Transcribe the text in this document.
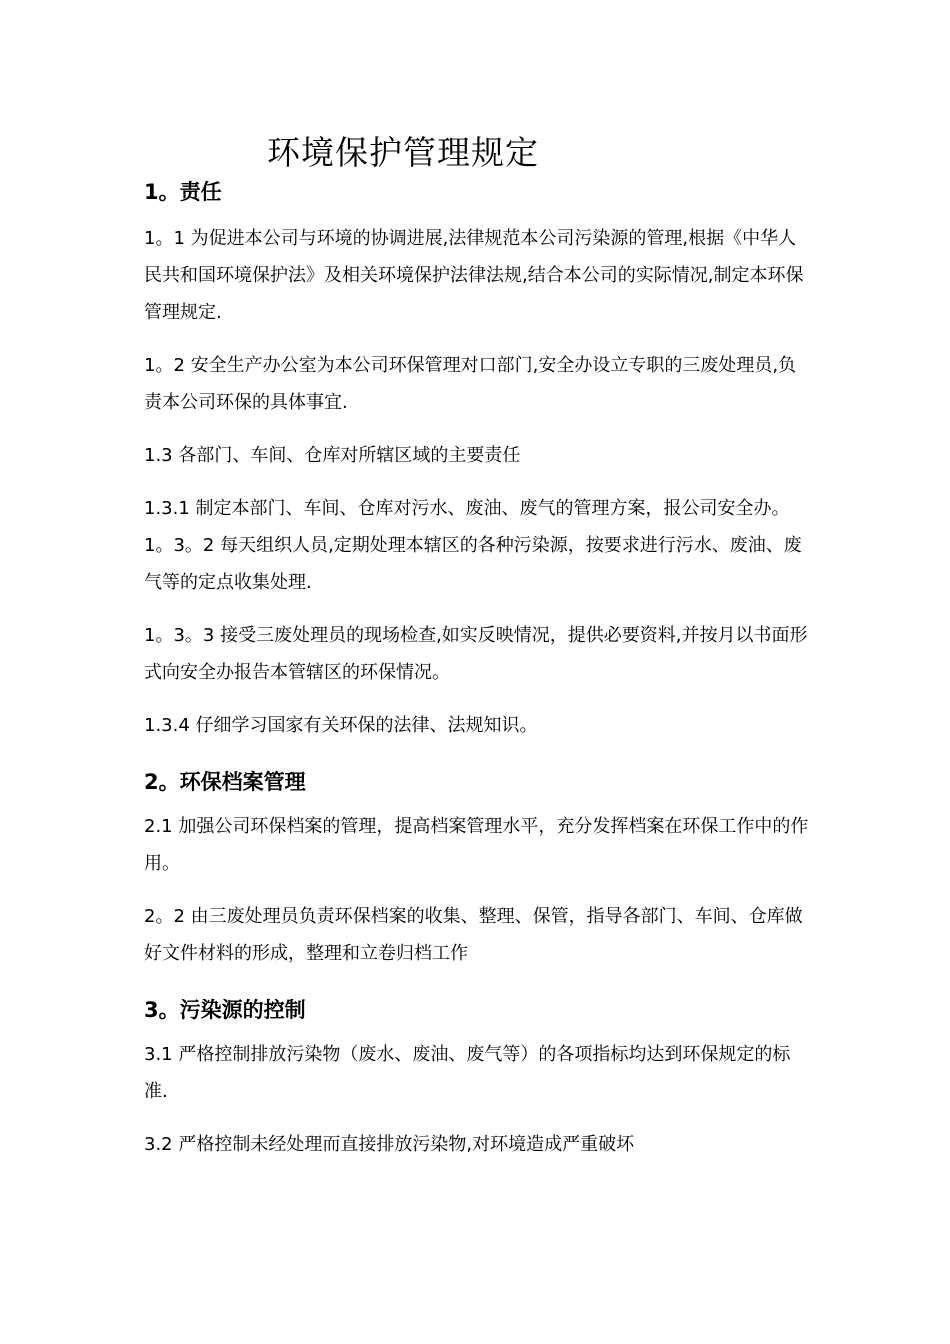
环境保护管理规定
1。责任

1。1 为促进本公司与环境的协调进展,法律规范本公司污染源的管理,根据《中华人民共和国环境保护法》及相关环境保护法律法规,结合本公司的实际情况,制定本环保管理规定.

1。2 安全生产办公室为本公司环保管理对口部门,安全办设立专职的三废处理员,负责本公司环保的具体事宜.

1.3 各部门、车间、仓库对所辖区域的主要责任

1.3.1 制定本部门、车间、仓库对污水、废油、废气的管理方案，报公司安全办。1。3。2 每天组织人员,定期处理本辖区的各种污染源，按要求进行污水、废油、废气等的定点收集处理.

1。3。3 接受三废处理员的现场检查,如实反映情况，提供必要资料,并按月以书面形式向安全办报告本管辖区的环保情况。

1.3.4 仔细学习国家有关环保的法律、法规知识。

2。环保档案管理

2.1 加强公司环保档案的管理，提高档案管理水平，充分发挥档案在环保工作中的作用。

2。2 由三废处理员负责环保档案的收集、整理、保管，指导各部门、车间、仓库做好文件材料的形成，整理和立卷归档工作

3。污染源的控制

3.1 严格控制排放污染物（废水、废油、废气等）的各项指标均达到环保规定的标准.

3.2 严格控制未经处理而直接排放污染物,对环境造成严重破坏
